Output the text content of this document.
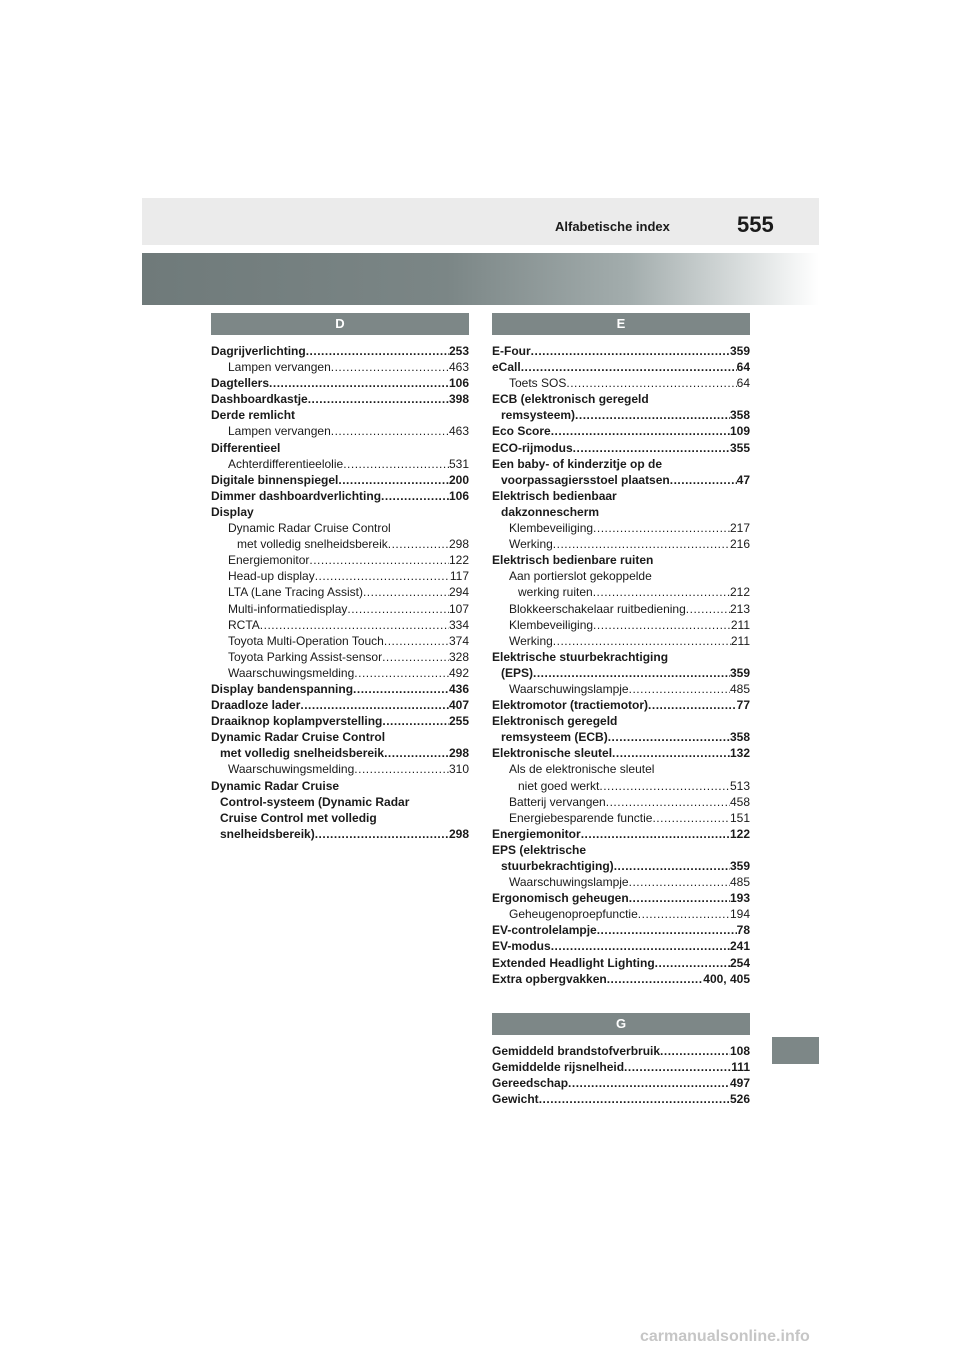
Alfabetische index	555
D
Dagrijverlichting .....	253
Lampen vervangen .....	463
Dagtellers .....	106
Dashboardkastje .....	398
Derde remlicht
Lampen vervangen .....	463
Differentieel
Achterdifferentieelolie .....	531
Digitale binnenspiegel .....	200
Dimmer dashboardverlichting .....	106
Display
Dynamic Radar Cruise Control
met volledig snelheidsbereik .....	298
Energiemonitor .....	122
Head-up display .....	117
LTA (Lane Tracing Assist) .....	294
Multi-informatiedisplay .....	107
RCTA .....	334
Toyota Multi-Operation Touch .....	374
Toyota Parking Assist-sensor .....	328
Waarschuwingsmelding .....	492
Display bandenspanning .....	436
Draadloze lader .....	407
Draaiknop koplampverstelling .....	255
Dynamic Radar Cruise Control
met volledig snelheidsbereik .....	298
Waarschuwingsmelding .....	310
Dynamic Radar Cruise
Control-systeem (Dynamic Radar
Cruise Control met volledig
snelheidsbereik) .....	298
E
E-Four .....	359
eCall .....	64
Toets SOS .....	64
ECB (elektronisch geregeld
remsysteem) .....	358
Eco Score .....	109
ECO-rijmodus .....	355
Een baby- of kinderzitje op de
voorpassagiersstoel plaatsen .....	47
Elektrisch bedienbaar
dakzonnescherm
Klembeveiliging .....	217
Werking .....	216
Elektrisch bedienbare ruiten
Aan portierslot gekoppelde
werking ruiten .....	212
Blokkeerschakelaar ruitbediening .....	213
Klembeveiliging .....	211
Werking .....	211
Elektrische stuurbekrachtiging
(EPS) .....	359
Waarschuwingslampje .....	485
Elektromotor (tractiemotor) .....	77
Elektronisch geregeld
remsysteem (ECB) .....	358
Elektronische sleutel .....	132
Als de elektronische sleutel
niet goed werkt .....	513
Batterij vervangen .....	458
Energiebesparende functie .....	151
Energiemonitor .....	122
EPS (elektrische
stuurbekrachtiging) .....	359
Waarschuwingslampje .....	485
Ergonomisch geheugen .....	193
Geheugenoproepfunctie .....	194
EV-controlelampje .....	78
EV-modus .....	241
Extended Headlight Lighting .....	254
Extra opbergvakken .....	400, 405
G
Gemiddeld brandstofverbruik .....	108
Gemiddelde rijsnelheid .....	111
Gereedschap .....	497
Gewicht .....	526
carmanualsonline.info
